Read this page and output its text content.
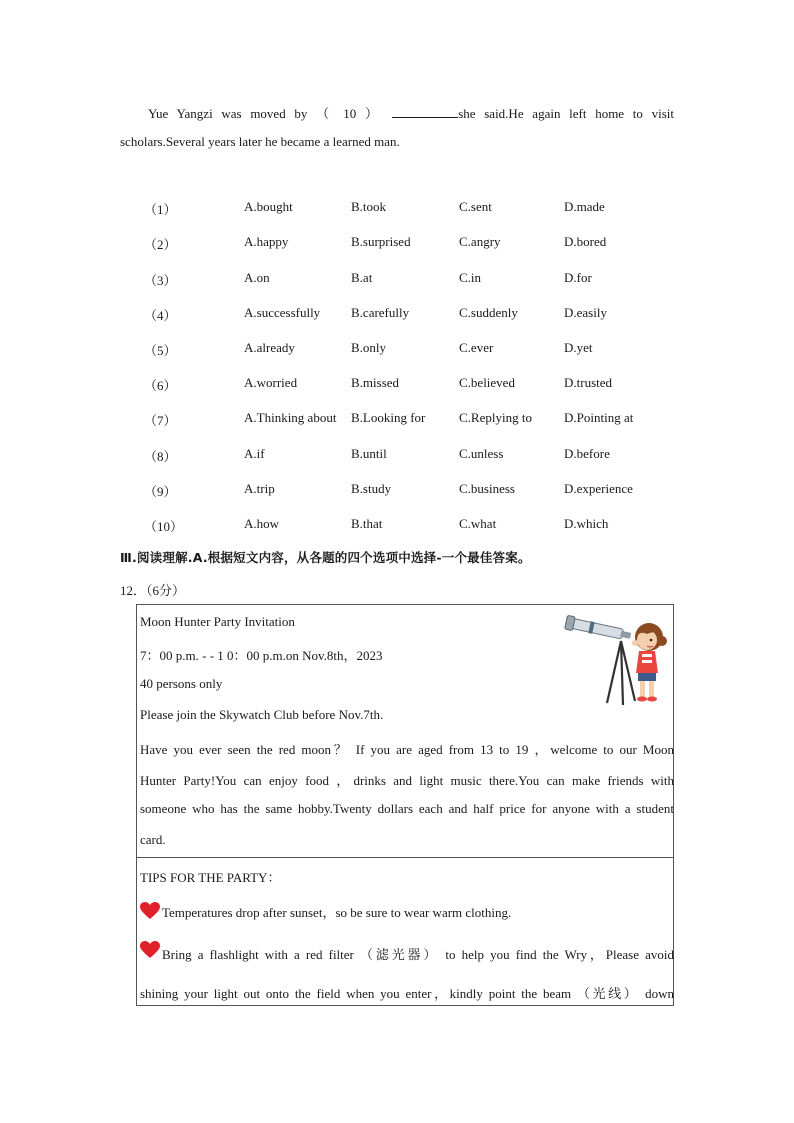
Yue Yangzi was moved by （ 10 ）	she said.He again left home to visit
scholars.Several years later he became a learned man.
（1）	A.bought	B.took	C.sent	D.made
（2）	A.happy	B.surprised	C.angry	D.bored
（3）	A.on	B.at	C.in	D.for
（4）	A.successfully B.carefully	C.suddenly	D.easily
（5）	A.already	B.only	C.ever	D.yet
（6）	A.worried	B.missed	C.believed	D.trusted
（7）	A.Thinking about B.Looking for	C.Replying to D.Pointing at
（8）	A.if	B.until	C.unless	D.before
（9）	A.trip	B.study	C.business	D.experience
（10）	A.how	B.that	C.what	D.which
Ⅲ.阅读理解.A.根据短文内容，从各题的四个选项中选择-一个最佳答案。
12．（6分）
Moon Hunter Party Invitation
7：00 p.m. - - 1 0：00 p.m.on Nov.8th，2023
40 persons only
Please join the Skywatch Club before Nov.7th.
Have you ever seen the red moon？ If you are aged from 13 to 19 ，welcome to our Moon
Hunter Party!You can enjoy food ，drinks and light music there.You can make friends with
someone who has the same hobby.Twenty dollars each and half price for anyone with a student
card.
TIPS FOR THE PARTY：
Temperatures drop after sunset，so be sure to wear warm clothing.
Bring a flashlight with a red filter （滤光器） to help you find the Wry，Please avoid
shining your light out onto the field when you enter，kindly point the beam （光线） down
